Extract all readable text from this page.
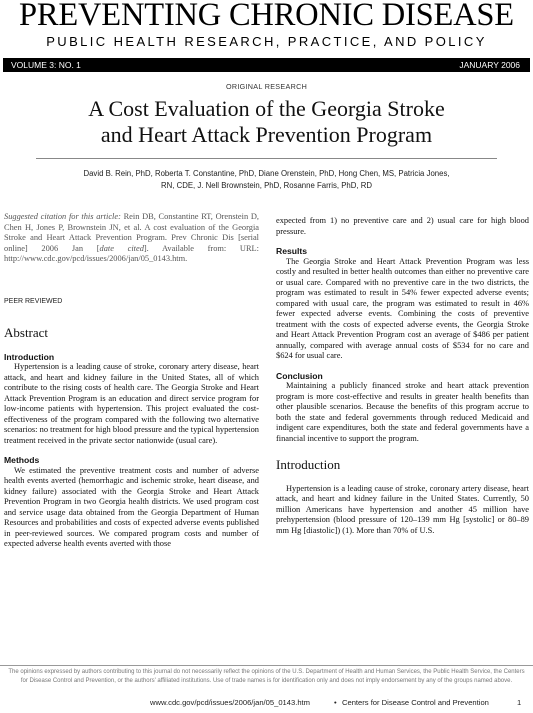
PREVENTING CHRONIC DISEASE
PUBLIC HEALTH RESEARCH, PRACTICE, AND POLICY
VOLUME 3: NO. 1	JANUARY 2006
ORIGINAL RESEARCH
A Cost Evaluation of the Georgia Stroke
and Heart Attack Prevention Program
David B. Rein, PhD, Roberta T. Constantine, PhD, Diane Orenstein, PhD, Hong Chen, MS, Patricia Jones,
RN, CDE, J. Nell Brownstein, PhD, Rosanne Farris, PhD, RD
Suggested citation for this article: Rein DB, Constantine RT, Orenstein D, Chen H, Jones P, Brownstein JN, et al. A cost evaluation of the Georgia Stroke and Heart Attack Prevention Program. Prev Chronic Dis [serial online] 2006 Jan [date cited]. Available from: URL: http://www.cdc.gov/pcd/issues/2006/jan/05_0143.htm.
PEER REVIEWED
Abstract
Introduction

Hypertension is a leading cause of stroke, coronary artery disease, heart attack, and heart and kidney failure in the United States, all of which contribute to the rising costs of health care. The Georgia Stroke and Heart Attack Prevention Program is an education and direct service program for low-income patients with hypertension. This project evaluated the cost-effectiveness of the program compared with the following two alternative scenarios: no treatment for high blood pressure and the typical hypertension treatment received in the private sector nationwide (usual care).

Methods

We estimated the preventive treatment costs and number of adverse health events averted (hemorrhagic and ischemic stroke, heart disease, and kidney failure) associated with the Georgia Stroke and Heart Attack Prevention Program in two Georgia health districts. We used program cost and service usage data obtained from the Georgia Department of Human Resources and probabilities and costs of expected adverse events published in peer-reviewed sources. We compared program costs and number of expected adverse health events averted with those

expected from 1) no preventive care and 2) usual care for high blood pressure.

Results

The Georgia Stroke and Heart Attack Prevention Program was less costly and resulted in better health outcomes than either no preventive care or usual care. Compared with no preventive care in the two districts, the program was estimated to result in 54% fewer expected adverse events; compared with usual care, the program was estimated to result in 46% fewer expected adverse events. Combining the costs of preventive treatment with the costs of expected adverse events, the Georgia Stroke and Heart Attack Prevention Program cost an average of $486 per patient annually, compared with average annual costs of $534 for no care and $624 for usual care.

Conclusion

Maintaining a publicly financed stroke and heart attack prevention program is more cost-effective and results in greater health benefits than other plausible scenarios. Because the benefits of this program accrue to both the state and federal governments through reduced Medicaid and indigent care expenditures, both the state and federal governments have a financial incentive to support the program.

Introduction

Hypertension is a leading cause of stroke, coronary artery disease, heart attack, and heart and kidney failure in the United States. Currently, 50 million Americans have hypertension and another 45 million have prehypertension (blood pressure of 120–139 mm Hg [systolic] or 80–89 mm Hg [diastolic]) (1). More than 70% of U.S.

The opinions expressed by authors contributing to this journal do not necessarily reflect the opinions of the U.S. Department of Health and Human Services, the Public Health Service, the Centers for Disease Control and Prevention, or the authors' affiliated institutions. Use of trade names is for identification only and does not imply endorsement by any of the groups named above.
www.cdc.gov/pcd/issues/2006/jan/05_0143.htm	• Centers for Disease Control and Prevention	1
